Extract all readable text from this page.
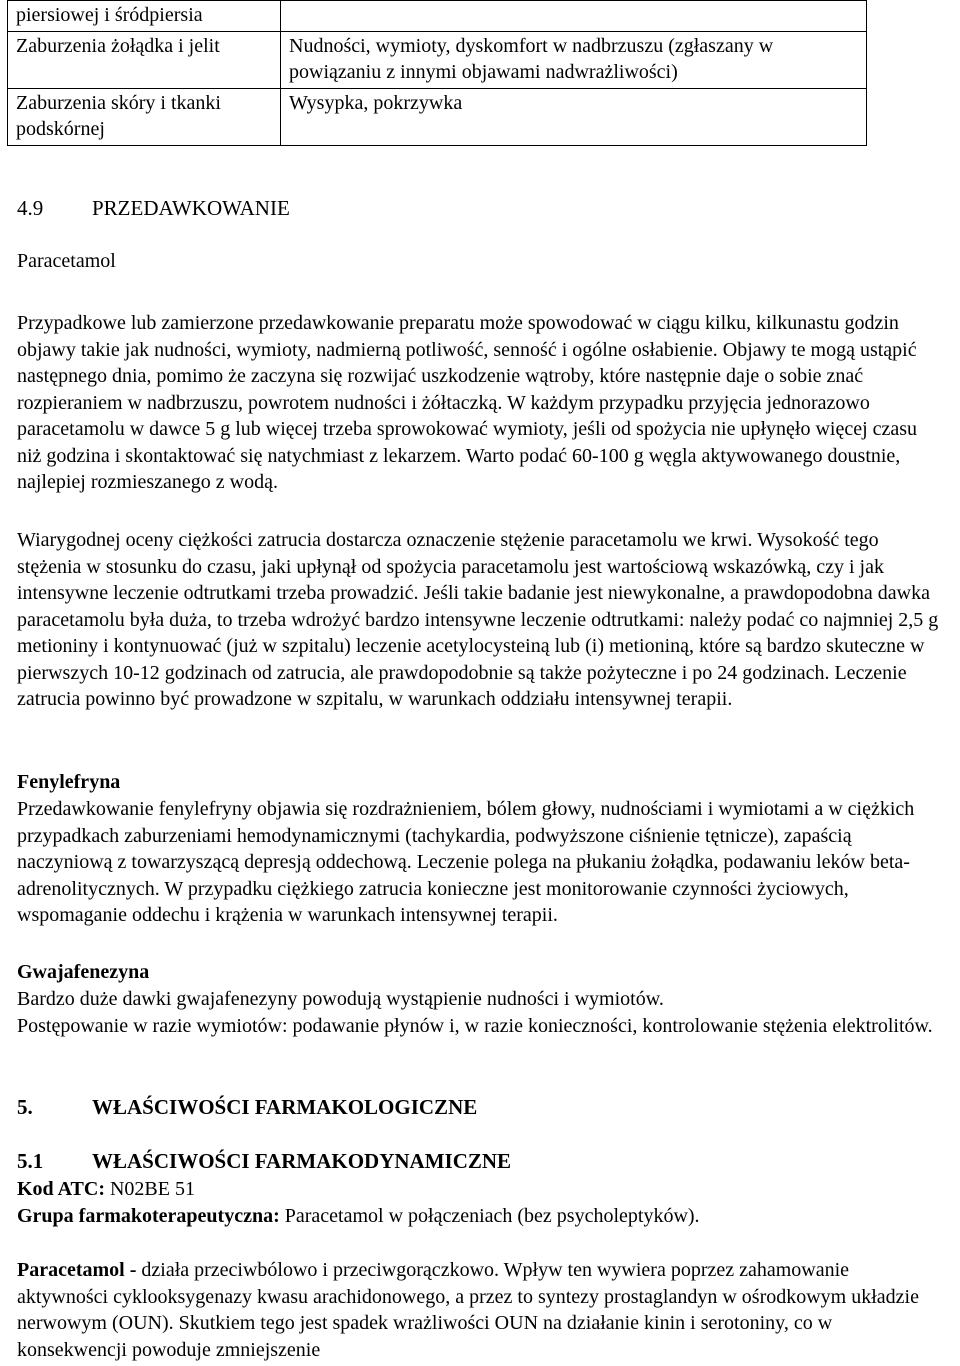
piersiowej i śródpiersia	
Zaburzenia żołądka i jelit	Nudności, wymioty, dyskomfort w nadbrzuszu (zgłaszany w powiązaniu z innymi objawami nadwrażliwości)
Zaburzenia skóry i tkanki podskórnej	Wysypka, pokrzywka
4.9 PRZEDAWKOWANIE
Paracetamol

Przypadkowe lub zamierzone przedawkowanie preparatu może spowodować w ciągu kilku, kilkunastu godzin objawy takie jak nudności, wymioty, nadmierną potliwość, senność i ogólne osłabienie. Objawy te mogą ustąpić następnego dnia, pomimo że zaczyna się rozwijać uszkodzenie wątroby, które następnie daje o sobie znać rozpieraniem w nadbrzuszu, powrotem nudności i żółtaczką. W każdym przypadku przyjęcia jednorazowo paracetamolu w dawce 5 g lub więcej trzeba sprowokować wymioty, jeśli od spożycia nie upłynęło więcej czasu niż godzina i skontaktować się natychmiast z lekarzem. Warto podać 60-100 g węgla aktywowanego doustnie, najlepiej rozmieszanego z wodą.

Wiarygodnej oceny ciężkości zatrucia dostarcza oznaczenie stężenie paracetamolu we krwi. Wysokość tego stężenia w stosunku do czasu, jaki upłynął od spożycia paracetamolu jest wartościową wskazówką, czy i jak intensywne leczenie odtrutkami trzeba prowadzić. Jeśli takie badanie jest niewykonalne, a prawdopodobna dawka paracetamolu była duża, to trzeba wdrożyć bardzo intensywne leczenie odtrutkami: należy podać co najmniej 2,5 g metioniny i kontynuować (już w szpitalu) leczenie acetylocysteiną lub (i) metioniną, które są bardzo skuteczne w pierwszych 10-12 godzinach od zatrucia, ale prawdopodobnie są także pożyteczne i po 24 godzinach. Leczenie zatrucia powinno być prowadzone w szpitalu, w warunkach oddziału intensywnej terapii.

Fenylefryna

Przedawkowanie fenylefryny objawia się rozdrażnieniem, bólem głowy, nudnościami i wymiotami a w ciężkich przypadkach zaburzeniami hemodynamicznymi (tachykardia, podwyższone ciśnienie tętnicze), zapaścią naczyniową z towarzyszącą depresją oddechową. Leczenie polega na płukaniu żołądka, podawaniu leków beta-adrenolitycznych. W przypadku ciężkiego zatrucia konieczne jest monitorowanie czynności życiowych, wspomaganie oddechu i krążenia w warunkach intensywnej terapii.

Gwajafenezyna

Bardzo duże dawki gwajafenezyny powodują wystąpienie nudności i wymiotów.

Postępowanie w razie wymiotów: podawanie płynów i, w razie konieczności, kontrolowanie stężenia elektrolitów.

5.	WŁAŚCIWOŚCI FARMAKOLOGICZNE
5.1 WŁAŚCIWOŚCI FARMAKODYNAMICZNE
Kod ATC: N02BE 51
Grupa farmakoterapeutyczna: Paracetamol w połączeniach (bez psycholeptyków).

Paracetamol - działa przeciwbólowo i przeciwgorączkowo. Wpływ ten wywiera poprzez zahamowanie aktywności cyklooksygenazy kwasu arachidonowego, a przez to syntezy prostaglandyn w ośrodkowym układzie nerwowym (OUN). Skutkiem tego jest spadek wrażliwości OUN na działanie kinin i serotoniny, co w konsekwencji powoduje zmniejszenie
